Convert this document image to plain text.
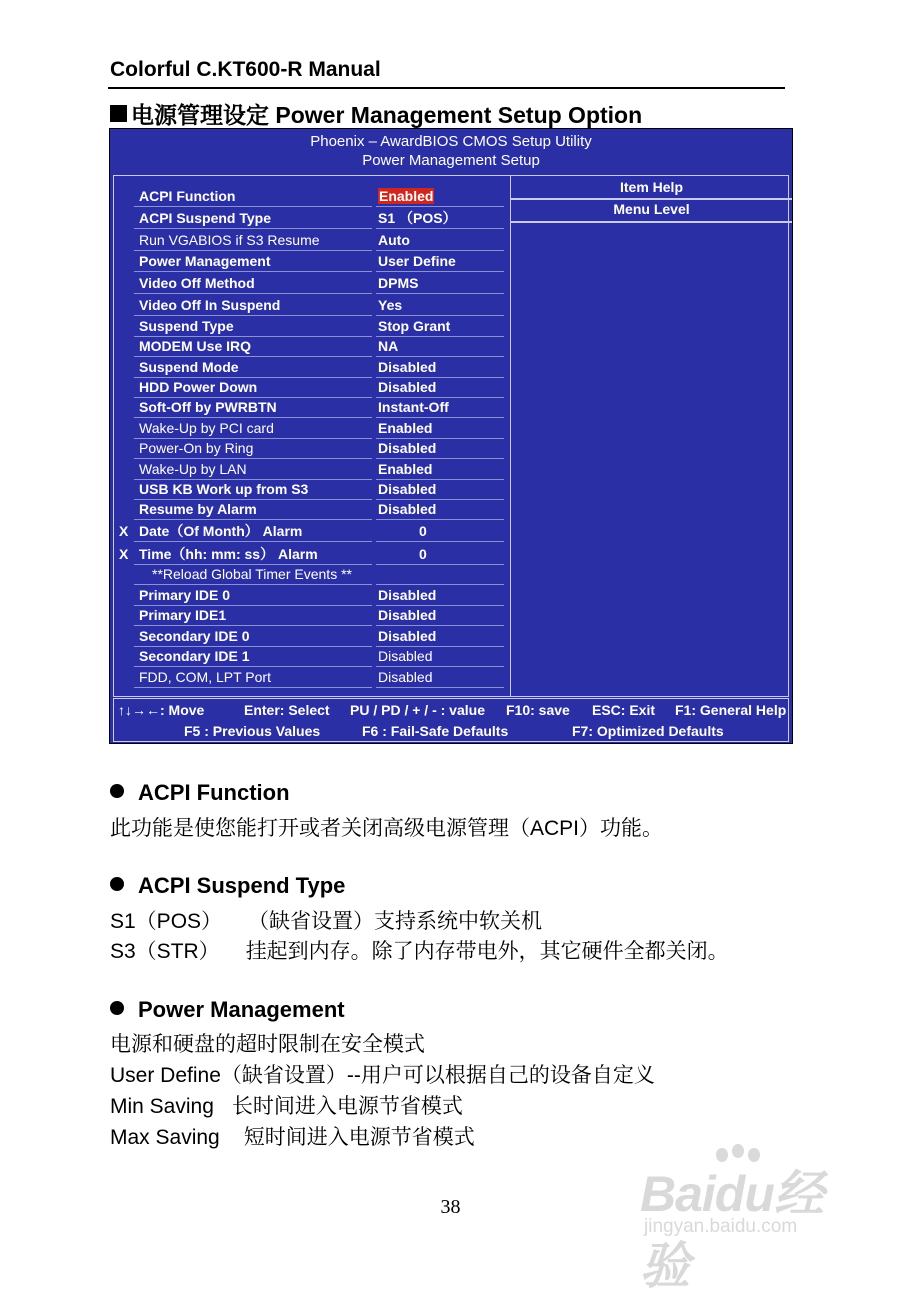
Colorful C.KT600-R Manual
电源管理设定 Power Management Setup Option
Phoenix – AwardBIOS CMOS Setup Utility
Power Management Setup
Item Help
Menu Level
↑↓→←: Move	Enter: Select PU / PD / + / - : value F10: save ESC: Exit F1: General Help
F5 : Previous Values	F6 : Fail-Safe Defaults	F7: Optimized Defaults
ACPI Function	Enabled
ACPI Suspend Type	S1 （POS）
Run VGABIOS if S3 Resume	Auto
Power Management	User Define
Video Off Method	DPMS
Video Off In Suspend	Yes
Suspend Type	Stop Grant
MODEM Use IRQ	NA
Suspend Mode	Disabled
HDD Power Down	Disabled
Soft-Off by PWRBTN	Instant-Off
Wake-Up by PCI card	Enabled
Power-On by Ring	Disabled
Wake-Up by LAN	Enabled
USB KB Work up from S3	Disabled
Resume by Alarm	Disabled
X Date（Of Month） Alarm	0
X Time（hh: mm: ss） Alarm	0
**Reload Global Timer Events **
Primary IDE 0	Disabled
Primary IDE1	Disabled
Secondary IDE 0	Disabled
Secondary IDE 1	Disabled
FDD, COM, LPT Port	Disabled
ACPI Function
此功能是使您能打开或者关闭高级电源管理（ACPI）功能。
ACPI Suspend Type
S1（POS） （缺省设置）支持系统中软关机
S3（STR） 挂起到内存。除了内存带电外，其它硬件全都关闭。
Power Management
电源和硬盘的超时限制在安全模式
User Define（缺省设置）--用户可以根据自己的设备自定义
Min Saving 长时间进入电源节省模式
Max Saving 短时间进入电源节省模式
38	Baidu经验
jingyan.baidu.com
